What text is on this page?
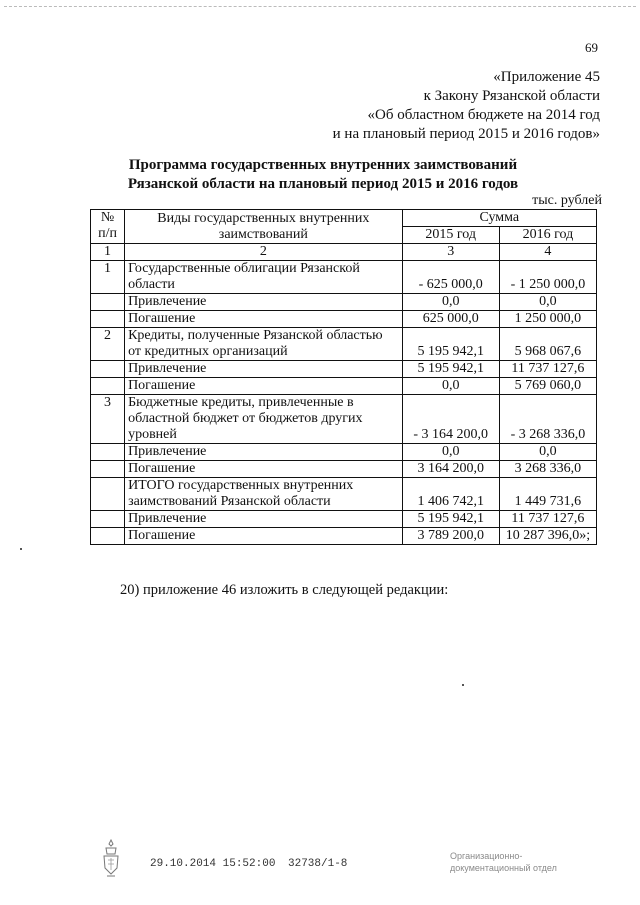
69
«Приложение 45
к Закону Рязанской области
«Об областном бюджете на 2014 год
и на плановый период 2015 и 2016 годов»
Программа государственных внутренних заимствований
Рязанской области на плановый период 2015 и 2016 годов
тыс. рублей
№ п/п	Виды государственных внутренних заимствований	Сумма	
		2015 год	2016 год
1	2	3	4
1	Государственные облигации Рязанской области	- 625 000,0	- 1 250 000,0
	Привлечение	0,0	0,0
	Погашение	625 000,0	1 250 000,0
2	Кредиты, полученные Рязанской областью от кредитных организаций	5 195 942,1	5 968 067,6
	Привлечение	5 195 942,1	11 737 127,6
	Погашение	0,0	5 769 060,0
3	Бюджетные кредиты, привлеченные в областной бюджет от бюджетов других уровней	- 3 164 200,0	- 3 268 336,0
	Привлечение	0,0	0,0
	Погашение	3 164 200,0	3 268 336,0
	ИТОГО государственных внутренних заимствований Рязанской области	1 406 742,1	1 449 731,6
	Привлечение	5 195 942,1	11 737 127,6
	Погашение	3 789 200,0	10 287 396,0»;
20) приложение 46 изложить в следующей редакции:
29.10.2014 15:52:00 32738/1-8
Организационно-
документационный отдел
